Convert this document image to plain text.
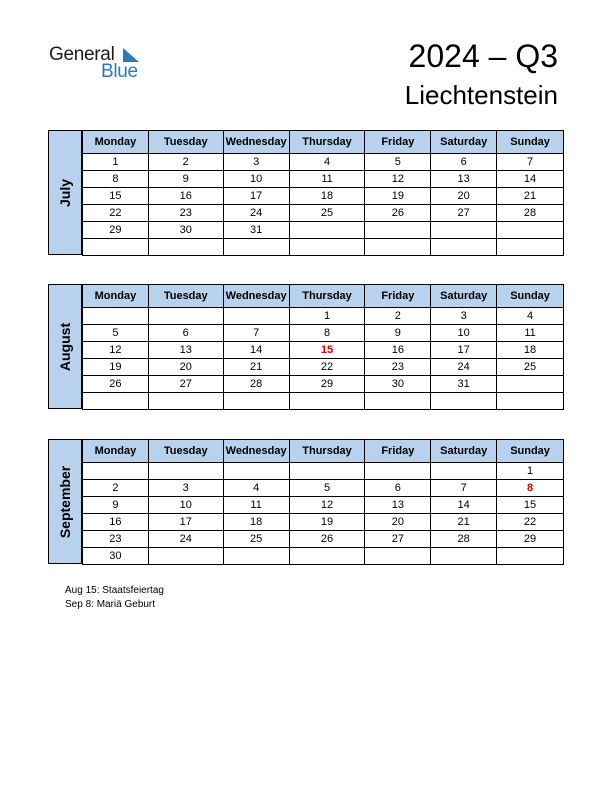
General
Blue	2024 – Q3
Liechtenstein
July
Monday	Tuesday	Wednesday	Thursday	Friday	Saturday	Sunday
1	2	3	4	5	6	7
8	9	10	11	12	13	14
15	16	17	18	19	20	21
22	23	24	25	26	27	28
29	30	31				

August
Monday	Tuesday	Wednesday	Thursday	Friday	Saturday	Sunday
			1	2	3	4
5	6	7	8	9	10	11
12	13	14	15	16	17	18
19	20	21	22	23	24	25
26	27	28	29	30	31	

September
Monday	Tuesday	Wednesday	Thursday	Friday	Saturday	Sunday
						1
2	3	4	5	6	7	8
9	10	11	12	13	14	15
16	17	18	19	20	21	22
23	24	25	26	27	28	29
30						
Aug 15: Staatsfeiertag
Sep 8: Mariä Geburt
